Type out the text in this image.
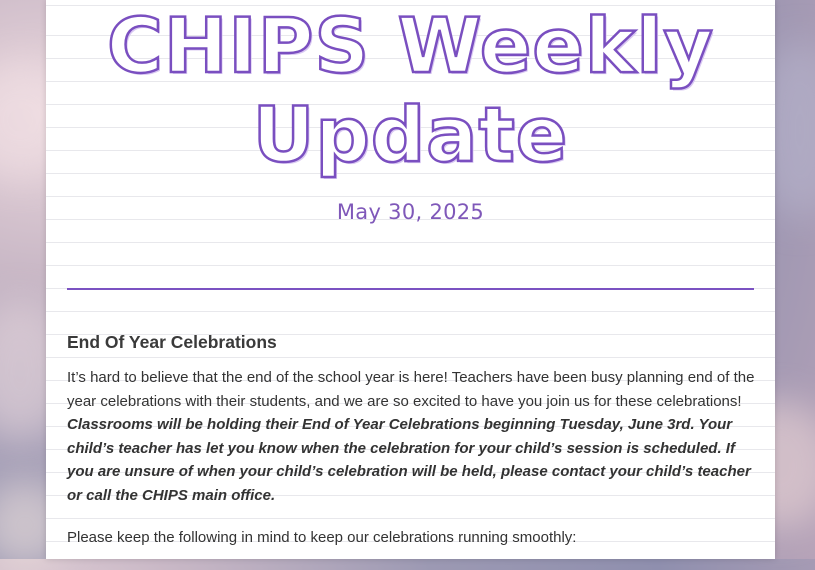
CHIPS Weekly
Update
May 30, 2025
End Of Year Celebrations
It’s hard to believe that the end of the school year is here! Teachers have been busy planning end of the year celebrations with their students, and we are so excited to have you join us for these celebrations! Classrooms will be holding their End of Year Celebrations beginning Tuesday, June 3rd. Your child’s teacher has let you know when the celebration for your child’s session is scheduled. If you are unsure of when your child’s celebration will be held, please contact your child’s teacher or call the CHIPS main office.
Please keep the following in mind to keep our celebrations running smoothly:
